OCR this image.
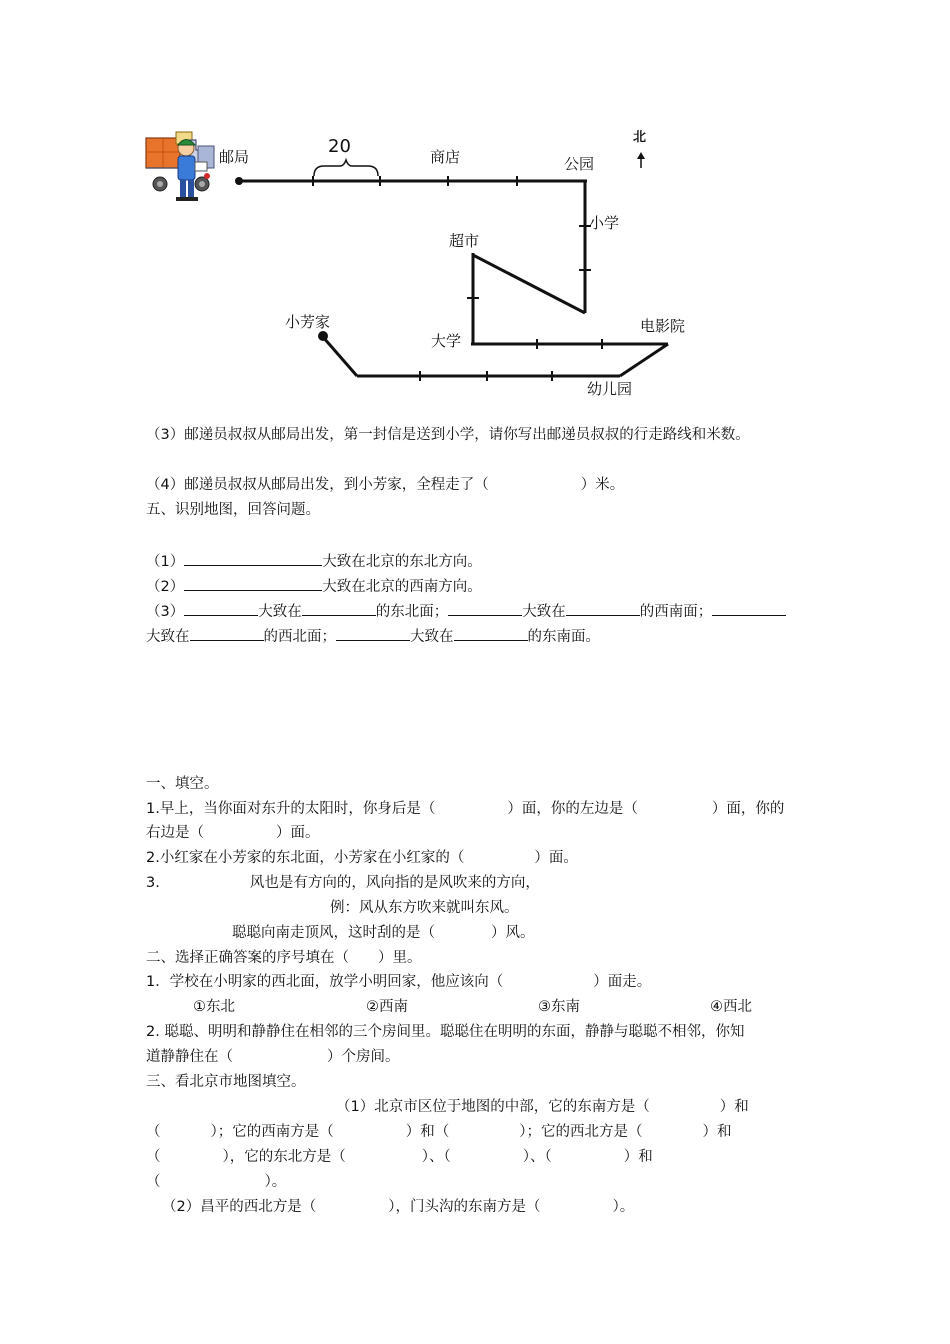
邮局	20	商店	公园
北
小学
超市
小芳家	电影院
大学
幼儿园
（3）邮递员叔叔从邮局出发，第一封信是送到小学，请你写出邮递员叔叔的行走路线和米数。
（4）邮递员叔叔从邮局出发，到小芳家，全程走了（	）米。
五、识别地图，回答问题。
（1）	大致在北京的东北方向。
（2）	大致在北京的西南方向。
（3）	大致在	的东北面；	大致在	的西南面；
大致在	的西北面；	大致在	的东南面。
一、填空。
1.早上，当你面对东升的太阳时，你身后是（	）面，你的左边是（	）面，你的
右边是（	）面。
2.小红家在小芳家的东北面，小芳家在小红家的（	）面。
3.	风也是有方向的，风向指的是风吹来的方向，
例：风从东方吹来就叫东风。
聪聪向南走顶风，这时刮的是（	）风。
二、选择正确答案的序号填在（　　）里。
1．学校在小明家的西北面，放学小明回家，他应该向（	）面走。
①东北	②西南	③东南	④西北
2. 聪聪、明明和静静住在相邻的三个房间里。聪聪住在明明的东面，静静与聪聪不相邻，你知
道静静住在（	）个房间。
三、看北京市地图填空。
（1）北京市区位于地图的中部，它的东南方是（	）和
（	）；它的西南方是（	）和（	）；它的西北方是（	）和
（	），它的东北方是（	）、（	）、（	）和
（	）。
（2）昌平的西北方是（	），门头沟的东南方是（	）。
